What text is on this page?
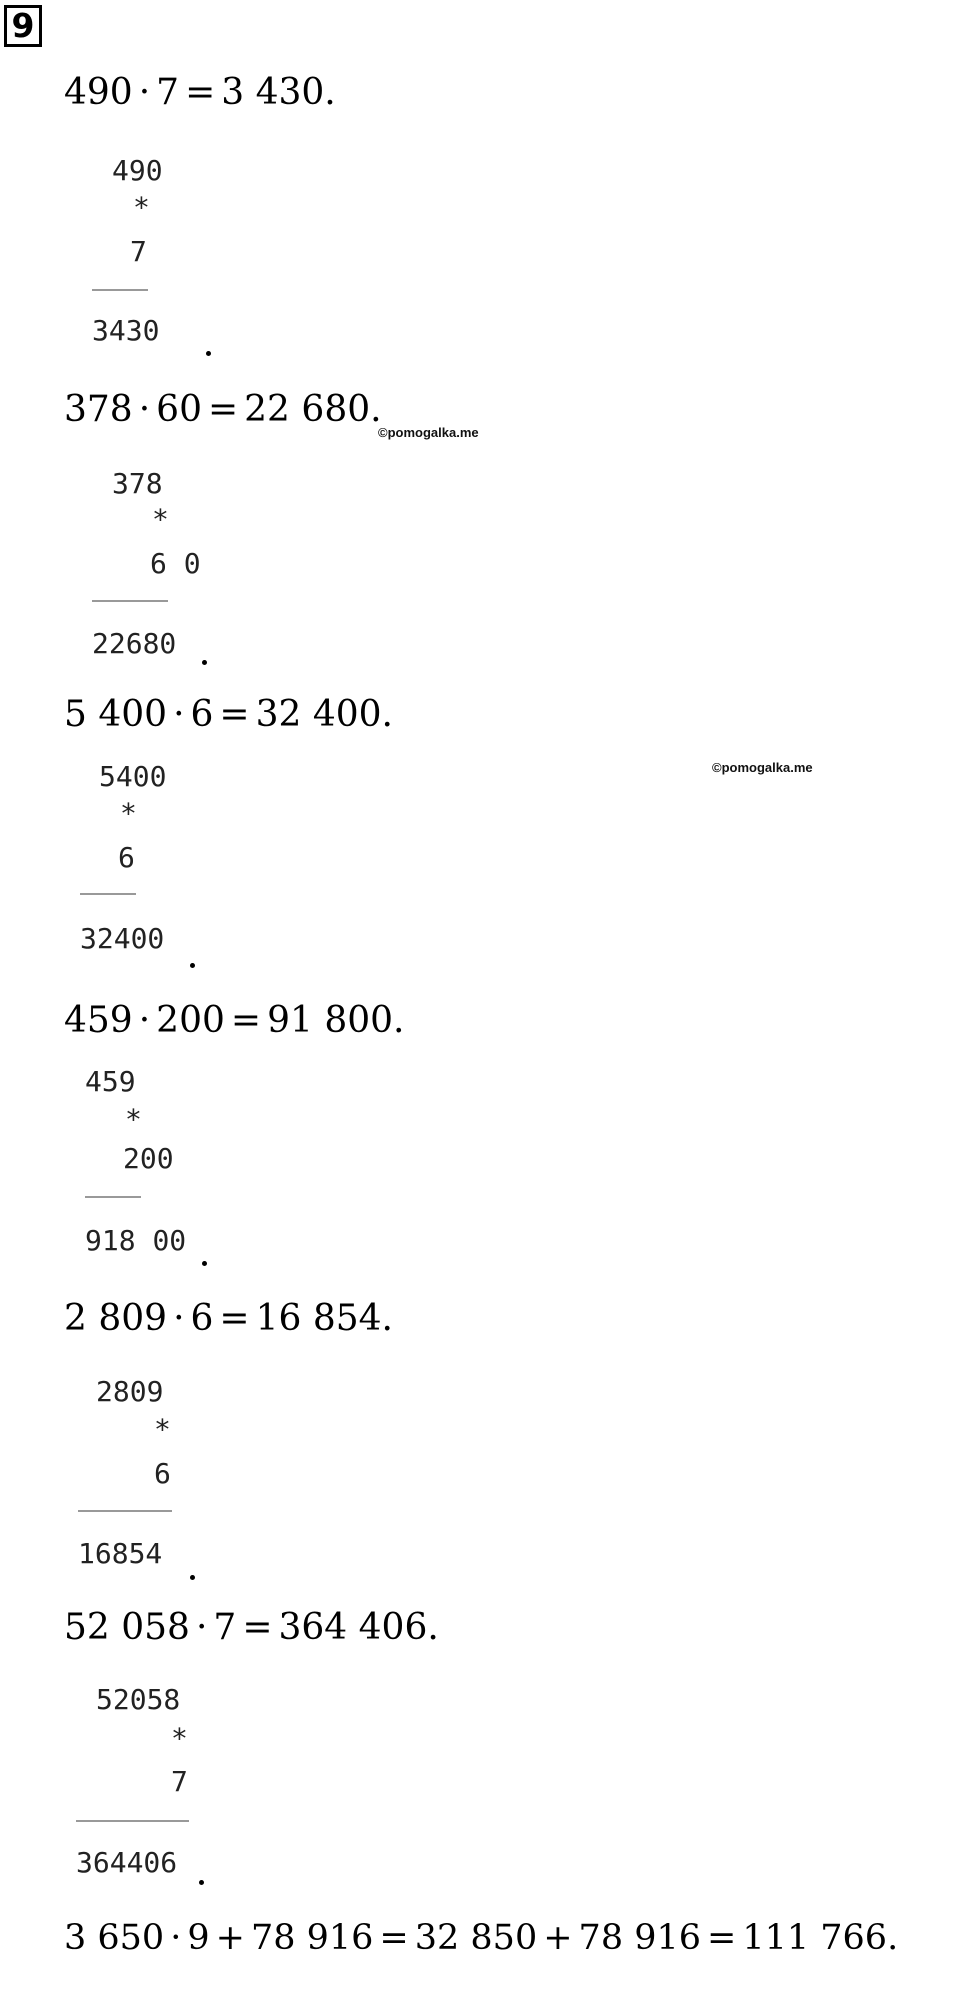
9
490 · 7 = 3 430.
490
*
7
3430
378 · 60 = 22 680.
©pomogalka.me
378
*
6 0
22680
5 400 · 6 = 32 400.
©pomogalka.me
5400
*
6
32400
459 · 200 = 91 800.
459
*
200
918 00
2 809 · 6 = 16 854.
2809
*
6
16854
52 058 · 7 = 364 406.
52058
*
7
364406
3 650 · 9 + 78 916 = 32 850 + 78 916 = 111 766.
